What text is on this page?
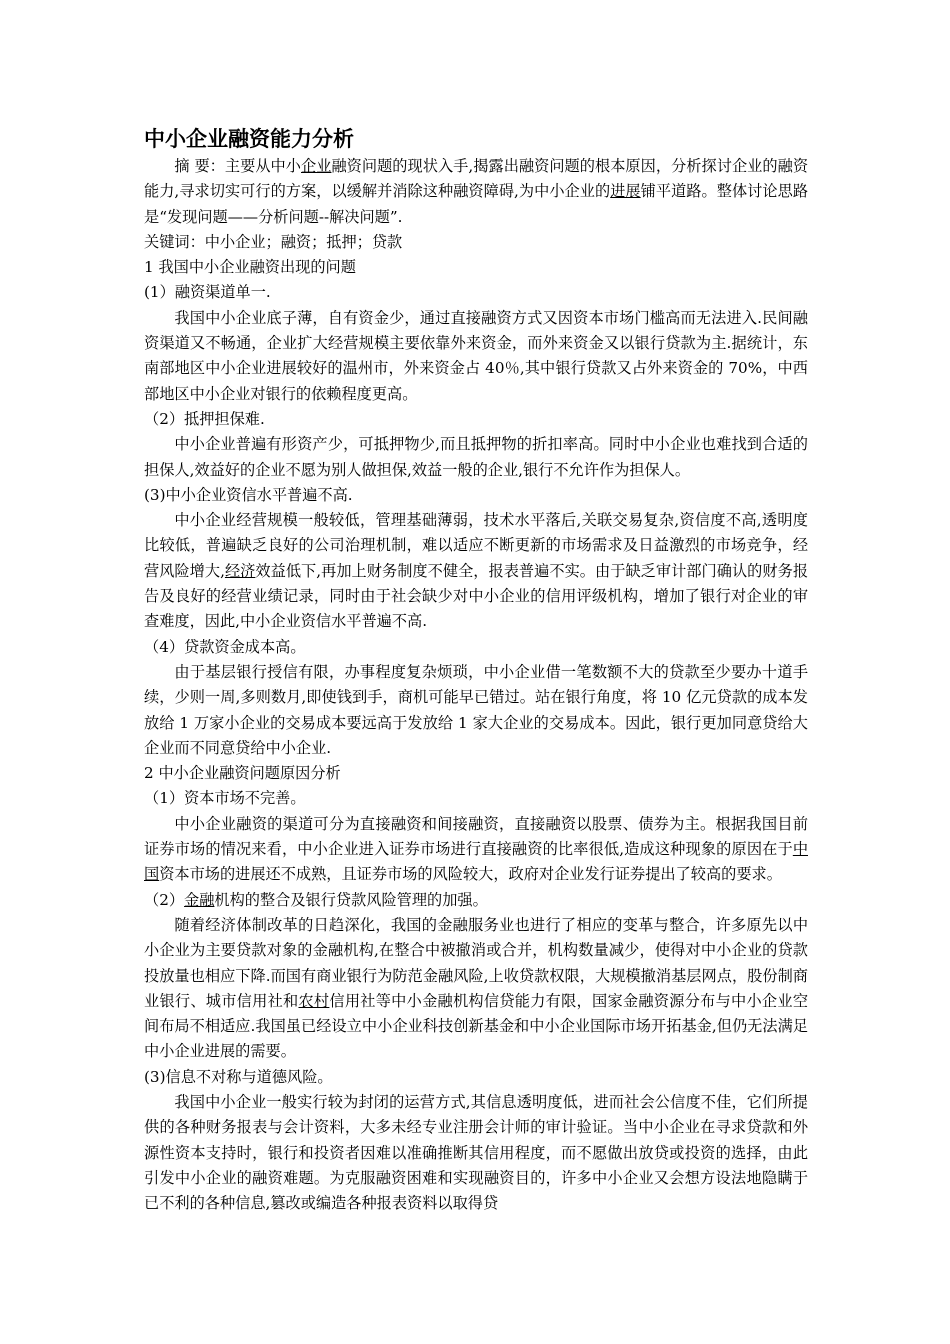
中小企业融资能力分析

摘 要：主要从中小企业融资问题的现状入手,揭露出融资问题的根本原因，分析探讨企业的融资能力,寻求切实可行的方案，以缓解并消除这种融资障碍,为中小企业的进展铺平道路。整体讨论思路是“发现问题——分析问题--解决问题”.

关键词：中小企业；融资；抵押；贷款

1 我国中小企业融资出现的问题

(1）融资渠道单一.

我国中小企业底子薄，自有资金少，通过直接融资方式又因资本市场门槛高而无法进入.民间融资渠道又不畅通，企业扩大经营规模主要依靠外来资金，而外来资金又以银行贷款为主.据统计，东南部地区中小企业进展较好的温州市，外来资金占 40％,其中银行贷款又占外来资金的 70%，中西部地区中小企业对银行的依赖程度更高。

（2）抵押担保难.

中小企业普遍有形资产少，可抵押物少,而且抵押物的折扣率高。同时中小企业也难找到合适的担保人,效益好的企业不愿为别人做担保,效益一般的企业,银行不允许作为担保人。

(3)中小企业资信水平普遍不高.

中小企业经营规模一般较低，管理基础薄弱，技术水平落后,关联交易复杂,资信度不高,透明度比较低，普遍缺乏良好的公司治理机制，难以适应不断更新的市场需求及日益激烈的市场竞争，经营风险增大,经济效益低下,再加上财务制度不健全，报表普遍不实。由于缺乏审计部门确认的财务报告及良好的经营业绩记录，同时由于社会缺少对中小企业的信用评级机构，增加了银行对企业的审查难度，因此,中小企业资信水平普遍不高.

（4）贷款资金成本高。

由于基层银行授信有限，办事程度复杂烦琐，中小企业借一笔数额不大的贷款至少要办十道手续，少则一周,多则数月,即使钱到手，商机可能早已错过。站在银行角度，将 10 亿元贷款的成本发放给 1 万家小企业的交易成本要远高于发放给 1 家大企业的交易成本。因此，银行更加同意贷给大企业而不同意贷给中小企业.

2 中小企业融资问题原因分析

（1）资本市场不完善。

中小企业融资的渠道可分为直接融资和间接融资，直接融资以股票、债券为主。根据我国目前证券市场的情况来看，中小企业进入证券市场进行直接融资的比率很低,造成这种现象的原因在于中国资本市场的进展还不成熟，且证券市场的风险较大，政府对企业发行证券提出了较高的要求。

（2）金融机构的整合及银行贷款风险管理的加强。

随着经济体制改革的日趋深化，我国的金融服务业也进行了相应的变革与整合，许多原先以中小企业为主要贷款对象的金融机构,在整合中被撤消或合并，机构数量减少，使得对中小企业的贷款投放量也相应下降.而国有商业银行为防范金融风险,上收贷款权限，大规模撤消基层网点，股份制商业银行、城市信用社和农村信用社等中小金融机构信贷能力有限，国家金融资源分布与中小企业空间布局不相适应.我国虽已经设立中小企业科技创新基金和中小企业国际市场开拓基金,但仍无法满足中小企业进展的需要。

(3)信息不对称与道德风险。

我国中小企业一般实行较为封闭的运营方式,其信息透明度低，进而社会公信度不佳，它们所提供的各种财务报表与会计资料，大多未经专业注册会计师的审计验证。当中小企业在寻求贷款和外源性资本支持时，银行和投资者因难以准确推断其信用程度，而不愿做出放贷或投资的选择，由此引发中小企业的融资难题。为克服融资困难和实现融资目的，许多中小企业又会想方设法地隐瞒于已不利的各种信息,篡改或编造各种报表资料以取得贷
